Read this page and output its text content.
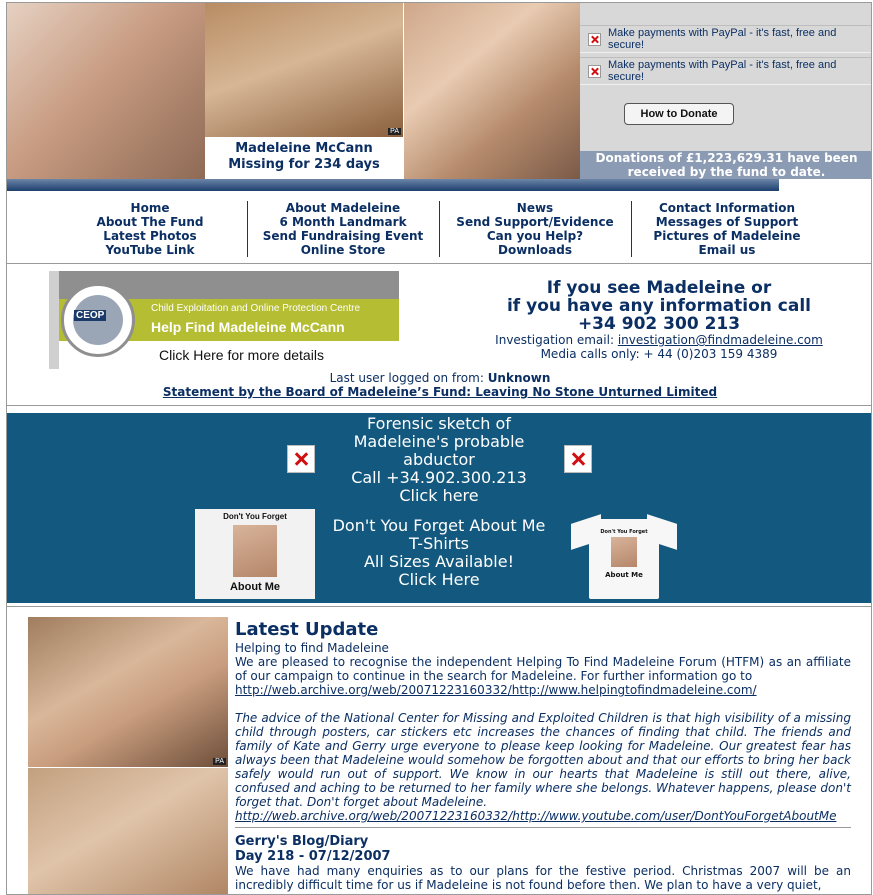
PA
Madeleine McCann
Missing for 234 days
Make payments with PayPal - it's fast, free and secure!
Make payments with PayPal - it's fast, free and secure!
How to Donate
Donations of £1,223,629.31 have been received by the fund to date.
Home
About The Fund
Latest Photos
YouTube Link
About Madeleine
6 Month Landmark
Send Fundraising Event
Online Store
News
Send Support/Evidence
Can you Help?
Downloads
Contact Information
Messages of Support
Pictures of Madeleine
Email us
CEOP
Child Exploitation and Online Protection Centre
Help Find Madeleine McCann
Click Here for more details
If you see Madeleine or
if you have any information call
+34 902 300 213
Investigation email: investigation@findmadeleine.com
Media calls only: + 44 (0)203 159 4389
Last user logged on from: Unknown
Statement by the Board of Madeleine’s Fund: Leaving No Stone Unturned Limited
Forensic sketch of
Madeleine's probable
abductor
Call +34.902.300.213
Click here
Don't You Forget
About Me
Don't You Forget About Me
T-Shirts
All Sizes Available!
Click Here
Don't You Forget
About Me
PA
Latest Update

Helping to find Madeleine

We are pleased to recognise the independent Helping To Find Madeleine Forum (HTFM) as an affiliate of our campaign to continue in the search for Madeleine. For further information go to

http://web.archive.org/web/20071223160332/http://www.helpingtofindmadeleine.com/

The advice of the National Center for Missing and Exploited Children is that high visibility of a missing child through posters, car stickers etc increases the chances of finding that child. The friends and family of Kate and Gerry urge everyone to please keep looking for Madeleine. Our greatest fear has always been that Madeleine would somehow be forgotten about and that our efforts to bring her back safely would run out of support. We know in our hearts that Madeleine is still out there, alive, confused and aching to be returned to her family where she belongs. Whatever happens, please don't forget that. Don't forget about Madeleine.

http://web.archive.org/web/20071223160332/http://www.youtube.com/user/DontYouForgetAboutMe

Gerry's Blog/Diary
Day 218 - 07/12/2007

We have had many enquiries as to our plans for the festive period. Christmas 2007 will be an incredibly difficult time for us if Madeleine is not found before then. We plan to have a very quiet,
